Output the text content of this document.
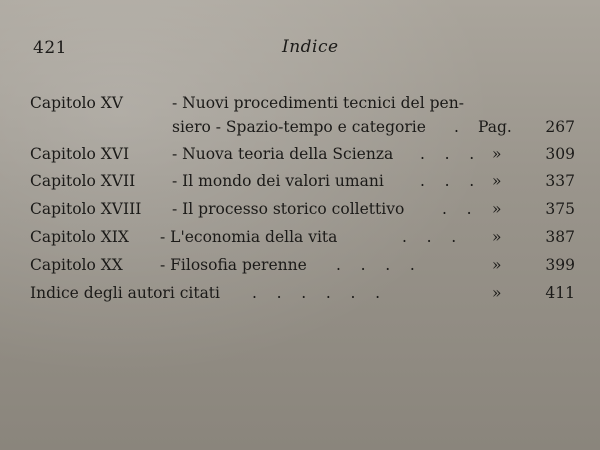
421	Indice
Capitolo XV	- Nuovi procedimenti tecnici del pen-
siero - Spazio-tempo e categorie . Pag. 267
Capitolo XVI	- Nuova teoria della Scienza .    .    . »	309
Capitolo XVII - Il mondo dei valori umani .    .    . »	337
Capitolo XVIII - Il processo storico collettivo .    . »	375
Capitolo XIX - L'economia della vita	.    .    . »	387
Capitolo XX - Filosofia perenne .    .    .    .	»	399
Indice degli autori citati .    .    .    .    .    .	»	411
